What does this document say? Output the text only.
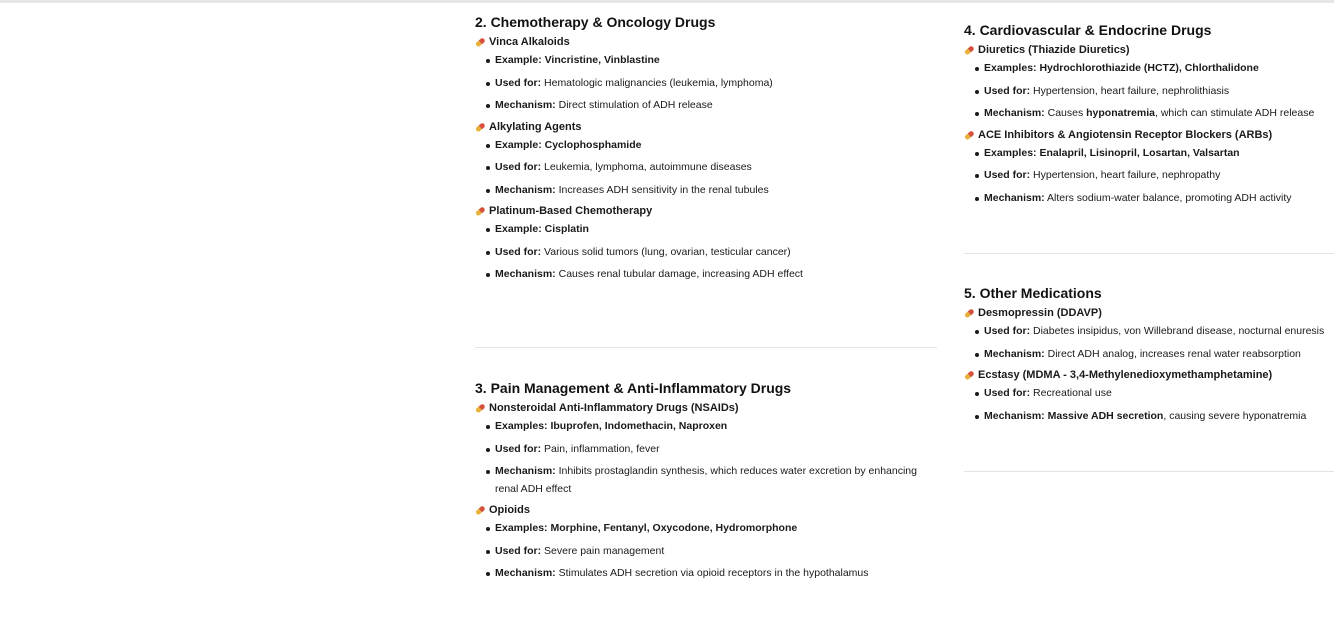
2. Chemotherapy & Oncology Drugs
Vinca Alkaloids
Example: Vincristine, Vinblastine
Used for: Hematologic malignancies (leukemia, lymphoma)
Mechanism: Direct stimulation of ADH release
Alkylating Agents
Example: Cyclophosphamide
Used for: Leukemia, lymphoma, autoimmune diseases
Mechanism: Increases ADH sensitivity in the renal tubules
Platinum-Based Chemotherapy
Example: Cisplatin
Used for: Various solid tumors (lung, ovarian, testicular cancer)
Mechanism: Causes renal tubular damage, increasing ADH effect
3. Pain Management & Anti-Inflammatory Drugs
Nonsteroidal Anti-Inflammatory Drugs (NSAIDs)
Examples: Ibuprofen, Indomethacin, Naproxen
Used for: Pain, inflammation, fever
Mechanism: Inhibits prostaglandin synthesis, which reduces water excretion by enhancing renal ADH effect
Opioids
Examples: Morphine, Fentanyl, Oxycodone, Hydromorphone
Used for: Severe pain management
Mechanism: Stimulates ADH secretion via opioid receptors in the hypothalamus
4. Cardiovascular & Endocrine Drugs
Diuretics (Thiazide Diuretics)
Examples: Hydrochlorothiazide (HCTZ), Chlorthalidone
Used for: Hypertension, heart failure, nephrolithiasis
Mechanism: Causes hyponatremia, which can stimulate ADH release
ACE Inhibitors & Angiotensin Receptor Blockers (ARBs)
Examples: Enalapril, Lisinopril, Losartan, Valsartan
Used for: Hypertension, heart failure, nephropathy
Mechanism: Alters sodium-water balance, promoting ADH activity
5. Other Medications
Desmopressin (DDAVP)
Used for: Diabetes insipidus, von Willebrand disease, nocturnal enuresis
Mechanism: Direct ADH analog, increases renal water reabsorption
Ecstasy (MDMA - 3,4-Methylenedioxymethamphetamine)
Used for: Recreational use
Mechanism: Massive ADH secretion, causing severe hyponatremia
